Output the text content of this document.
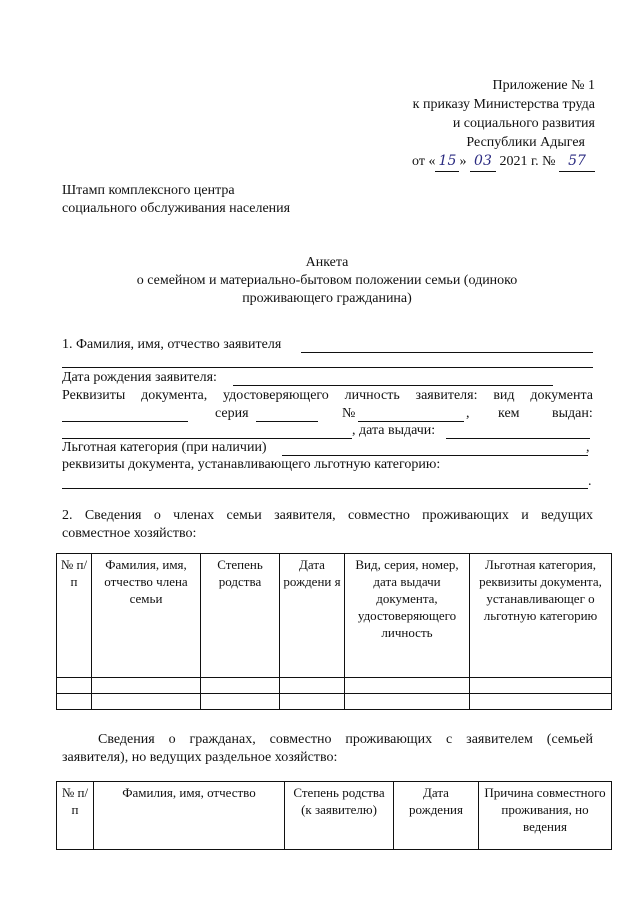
Приложение № 1
к приказу Министерства труда
и социального развития
Республики Адыгея
от « 15 » 03 2021 г. № 57
Штамп комплексного центра
социального обслуживания населения
Анкета
о семейном и материально-бытовом положении семьи (одиноко
проживающего гражданина)
1. Фамилия, имя, отчество заявителя
Дата рождения заявителя:
Реквизиты документа, удостоверяющего личность заявителя: вид документа
серия	№	, кем выдан:
, дата выдачи:
Льготная категория (при наличии)	,
реквизиты документа, устанавливающего льготную категорию:
.
2. Сведения о членах семьи заявителя, совместно проживающих и ведущих
совместное хозяйство:
№ п/п	Фамилия, имя, отчество члена семьи	Степень родства	Дата рождени я	Вид, серия, номер, дата выдачи документа, удостоверяющего личность	Льготная категория, реквизиты документа, устанавливающег о льготную категорию

Сведения о гражданах, совместно проживающих с заявителем (семьей
заявителя), но ведущих раздельное хозяйство:
№ п/п	Фамилия, имя, отчество	Степень родства (к заявителю)	Дата рождения	Причина совместного проживания, но ведения
